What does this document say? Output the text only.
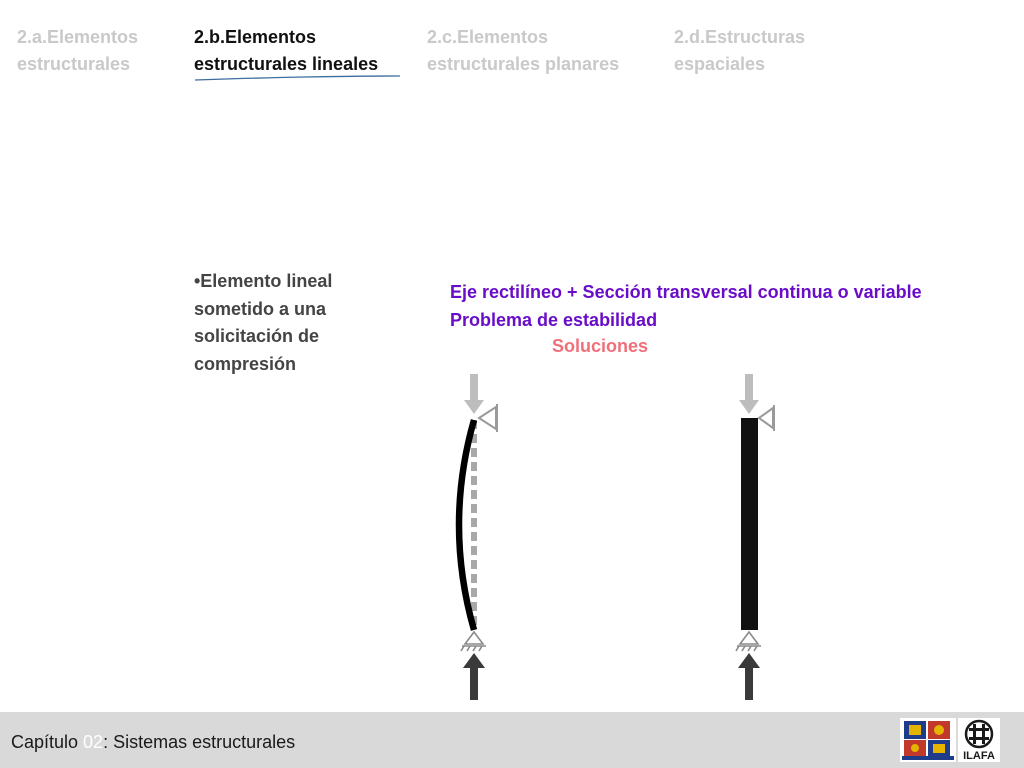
2.a.Elementos estructurales
2.b.Elementos estructurales lineales
2.c.Elementos estructurales planares
2.d.Estructuras espaciales
•Elemento lineal sometido a una solicitación de compresión
Eje rectilíneo + Sección transversal continua o variable
Problema de estabilidad
Soluciones
Capítulo 02: Sistemas estructurales
ILAFA
